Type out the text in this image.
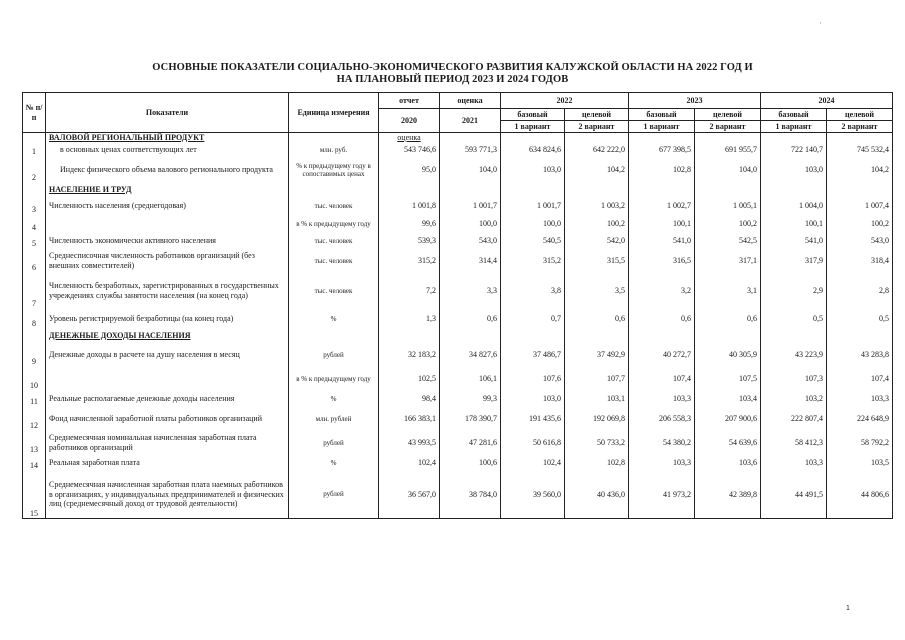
ОСНОВНЫЕ ПОКАЗАТЕЛИ СОЦИАЛЬНО-ЭКОНОМИЧЕСКОГО РАЗВИТИЯ КАЛУЖСКОЙ ОБЛАСТИ НА 2022 ГОД И
НА ПЛАНОВЫЙ ПЕРИОД 2023 И 2024 ГОДОВ
№ п/п	Показатели	Единица измерения	отчет	оценка	2022		2023		2024	
			2020	2021	базовый	целевой	базовый	целевой	базовый	целевой
					1 вариант	2 вариант	1 вариант	2 вариант	1 вариант	2 вариант
	ВАЛОВОЙ РЕГИОНАЛЬНЫЙ ПРОДУКТ		оценка							
1	в основных ценах соответствующих лет	млн. руб.	543 746,6	593 771,3	634 824,6	642 222,0	677 398,5	691 955,7	722 140,7	745 532,4
2	Индекс физического объема валового регионального продукта	% к предыдущему году в сопоставимых ценах	95,0	104,0	103,0	104,2	102,8	104,0	103,0	104,2
	НАСЕЛЕНИЕ И ТРУД									
3	Численность населения (среднегодовая)	тыс. человек	1 001,8	1 001,7	1 001,7	1 003,2	1 002,7	1 005,1	1 004,0	1 007,4
4		в % к предыдущему году	99,6	100,0	100,0	100,2	100,1	100,2	100,1	100,2
5	Численность экономически активного населения	тыс. человек	539,3	543,0	540,5	542,0	541,0	542,5	541,0	543,0
6	Среднесписочная численность работников организаций (без внешних совместителей)	тыс. человек	315,2	314,4	315,2	315,5	316,5	317,1	317,9	318,4
7	Численность безработных, зарегистрированных в государственных учреждениях службы занятости населения (на конец года)	тыс. человек	7,2	3,3	3,8	3,5	3,2	3,1	2,9	2,8
8	Уровень регистрируемой безработицы (на конец года)	%	1,3	0,6	0,7	0,6	0,6	0,6	0,5	0,5
	ДЕНЕЖНЫЕ ДОХОДЫ НАСЕЛЕНИЯ									
9	Денежные доходы в расчете на душу населения в месяц	рублей	32 183,2	34 827,6	37 486,7	37 492,9	40 272,7	40 305,9	43 223,9	43 283,8
10		в % к предыдущему году	102,5	106,1	107,6	107,7	107,4	107,5	107,3	107,4
11	Реальные располагаемые денежные доходы населения	%	98,4	99,3	103,0	103,1	103,3	103,4	103,2	103,3
12	Фонд начисленной заработной платы работников организаций	млн. рублей	166 383,1	178 390,7	191 435,6	192 069,8	206 558,3	207 900,6	222 807,4	224 648,9
13	Среднемесячная номинальная начисленная заработная плата работников организаций	рублей	43 993,5	47 281,6	50 616,8	50 733,2	54 380,2	54 639,6	58 412,3	58 792,2
14	Реальная заработная плата	%	102,4	100,6	102,4	102,8	103,3	103,6	103,3	103,5
15	Среднемесячная начисленная заработная плата наемных работников в организациях, у индивидуальных предпринимателей и физических лиц (среднемесячный доход от трудовой деятельности)	рублей	36 567,0	38 784,0	39 560,0	40 436,0	41 973,2	42 389,8	44 491,5	44 806,6
1
'
